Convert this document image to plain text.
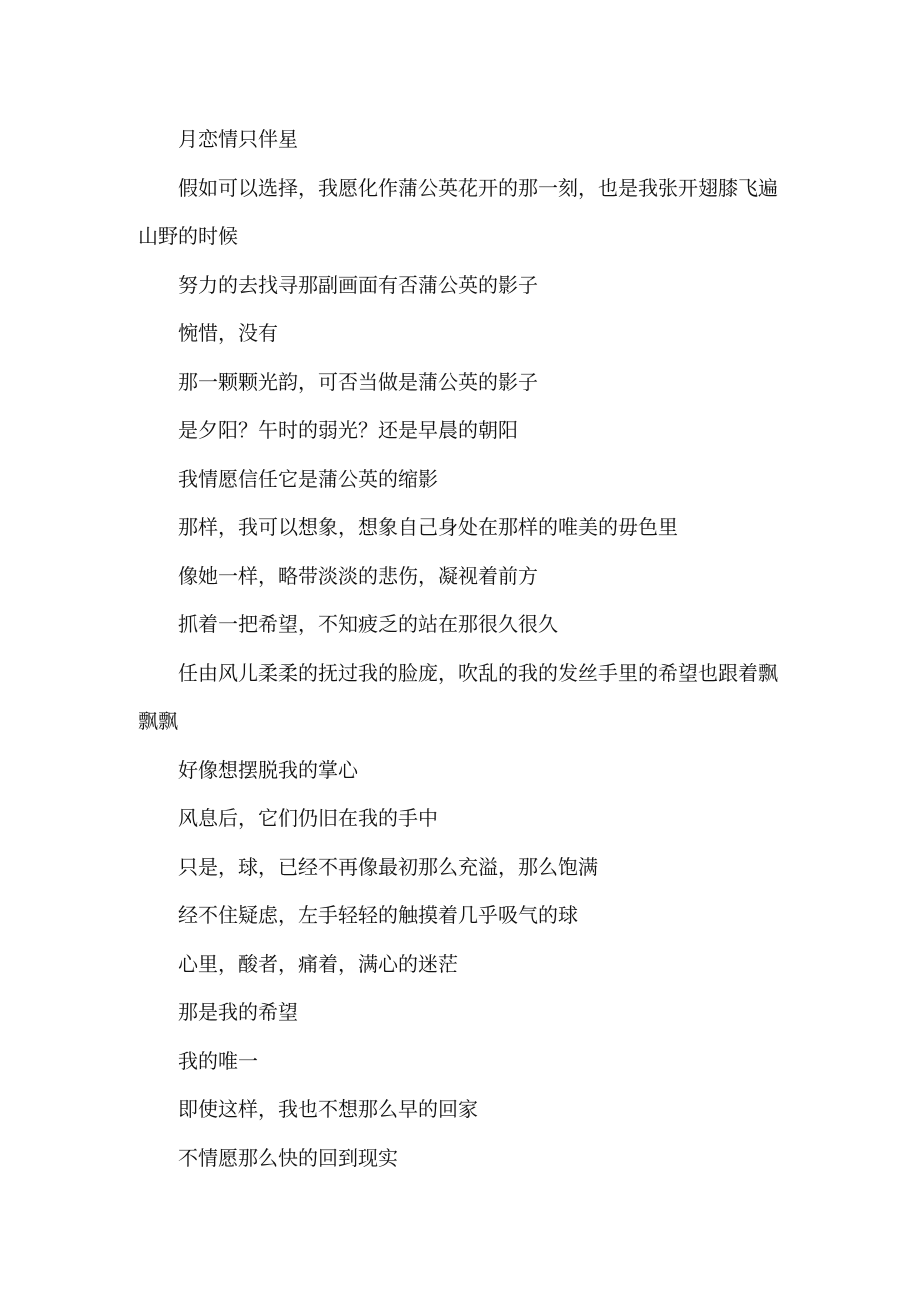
月恋情只伴星

假如可以选择，我愿化作蒲公英花开的那一刻，也是我张开翅膝飞遍山野的时候

努力的去找寻那副画面有否蒲公英的影子

惋惜，没有

那一颗颗光韵，可否当做是蒲公英的影子

是夕阳？午时的弱光？还是早晨的朝阳

我情愿信任它是蒲公英的缩影

那样，我可以想象，想象自己身处在那样的唯美的毋色里

像她一样，略带淡淡的悲伤，凝视着前方

抓着一把希望，不知疲乏的站在那很久很久

任由风儿柔柔的抚过我的脸庞，吹乱的我的发丝手里的希望也跟着飘飘飘

好像想摆脱我的掌心

风息后，它们仍旧在我的手中

只是，球，已经不再像最初那么充溢，那么饱满

经不住疑虑，左手轻轻的触摸着几乎吸气的球

心里，酸者，痛着，满心的迷茫

那是我的希望

我的唯一

即使这样，我也不想那么早的回家

不情愿那么快的回到现实
